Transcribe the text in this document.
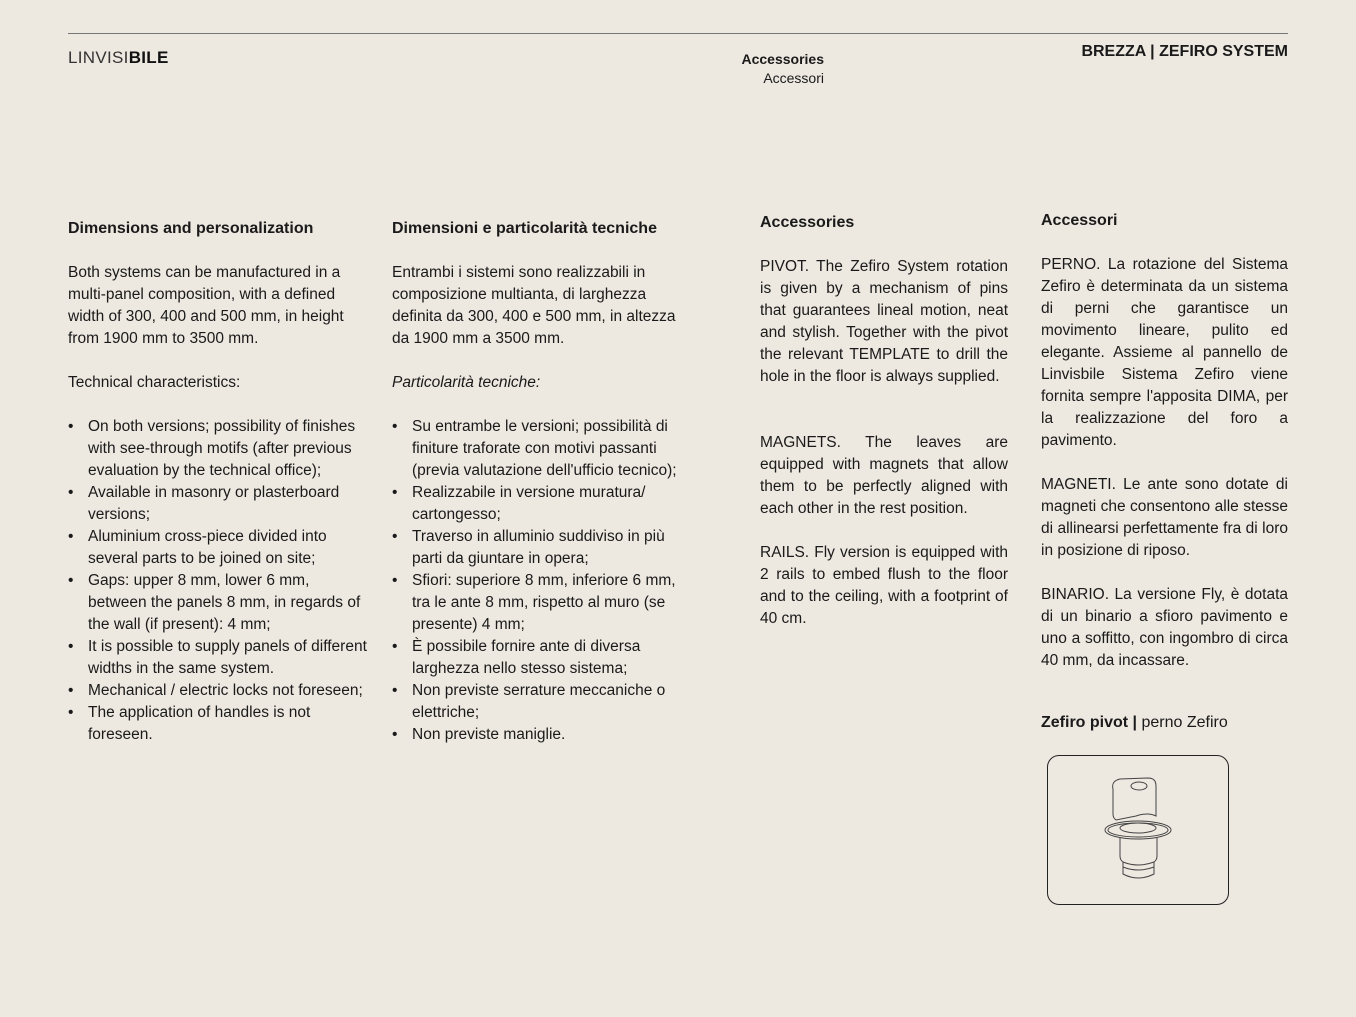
LINVISIBILE	Accessories
Accessori
BREZZA | ZEFIRO SYSTEM
Dimensions and personalization

Both systems can be manufactured in a multi-panel composition, with a defined width of 300, 400 and 500 mm, in height from 1900 mm to 3500 mm.

Technical characteristics:

• On both versions; possibility of finishes with see-through motifs (after previous evaluation by the technical office);
• Available in masonry or plasterboard versions;
• Aluminium cross-piece divided into several parts to be joined on site;
• Gaps: upper 8 mm, lower 6 mm, between the panels 8 mm, in regards of the wall (if present): 4 mm;
• It is possible to supply panels of different widths in the same system.
• Mechanical / electric locks not foreseen;
• The application of handles is not foreseen.
Dimensioni e particolarità tecniche

Entrambi i sistemi sono realizzabili in composizione multianta, di larghezza definita da 300, 400 e 500 mm, in altezza da 1900 mm a 3500 mm.

Particolarità tecniche:

• Su entrambe le versioni; possibilità di finiture traforate con motivi passanti (previa valutazione dell'ufficio tecnico);
• Realizzabile in versione muratura/ cartongesso;
• Traverso in alluminio suddiviso in più parti da giuntare in opera;
• Sfiori: superiore 8 mm, inferiore 6 mm, tra le ante 8 mm, rispetto al muro (se presente) 4 mm;
• È possibile fornire ante di diversa larghezza nello stesso sistema;
• Non previste serrature meccaniche o elettriche;
• Non previste maniglie.
Accessories

PIVOT. The Zefiro System rotation is given by a mechanism of pins that guarantees lineal motion, neat and stylish. Together with the pivot the relevant TEMPLATE to drill the hole in the floor is always supplied.

MAGNETS. The leaves are equipped with magnets that allow them to be perfectly aligned with each other in the rest position.

RAILS. Fly version is equipped with 2 rails to embed flush to the floor and to the ceiling, with a footprint of 40 cm.

Accessori

PERNO. La rotazione del Sistema Zefiro è determinata da un sistema di perni che garantisce un movimento lineare, pulito ed elegante. Assieme al pannello de Linvisbile Sistema Zefiro viene fornita sempre l'apposita DIMA, per la realizzazione del foro a pavimento.

MAGNETI. Le ante sono dotate di magneti che consentono alle stesse di allinearsi perfettamente fra di loro in posizione di riposo.

BINARIO. La versione Fly, è dotata di un binario a sfioro pavimento e uno a soffitto, con ingombro di circa 40 mm, da incassare.

Zefiro pivot | perno Zefiro
